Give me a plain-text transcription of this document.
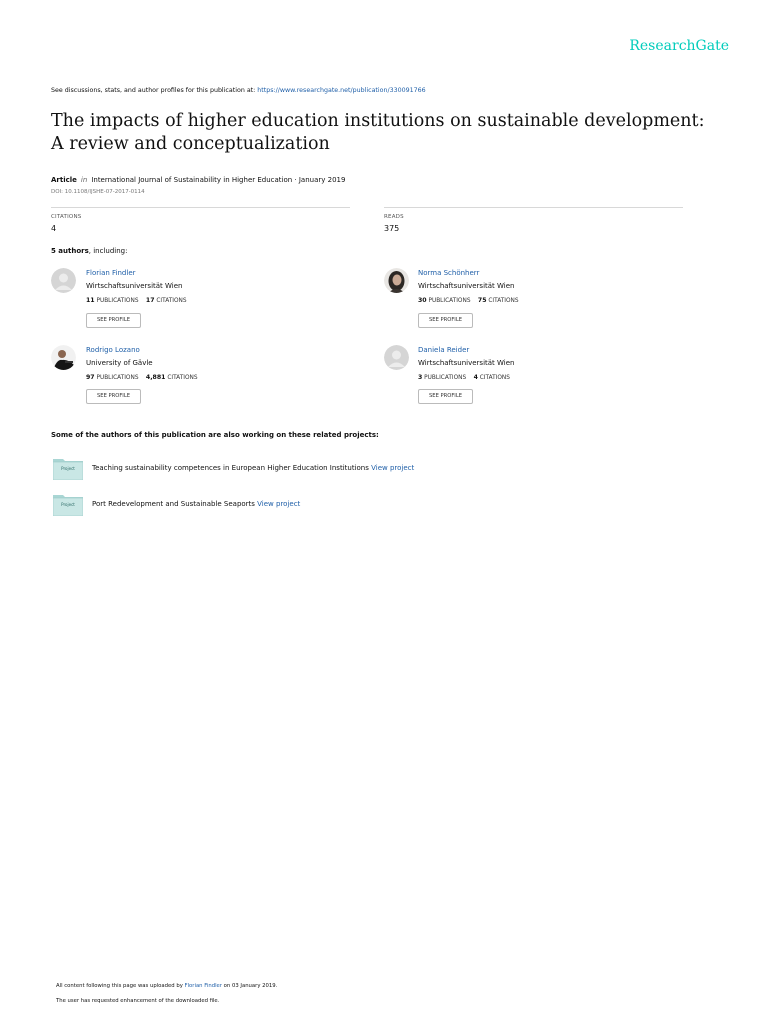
ResearchGate
See discussions, stats, and author profiles for this publication at: https://www.researchgate.net/publication/330091766
The impacts of higher education institutions on sustainable development: A review and conceptualization
Article in International Journal of Sustainability in Higher Education · January 2019
DOI: 10.1108/IJSHE-07-2017-0114
CITATIONS
4
READS
375
5 authors, including:
Florian Findler
Wirtschaftsuniversität Wien
11 PUBLICATIONS 17 CITATIONS
SEE PROFILE
Norma Schönherr
Wirtschaftsuniversität Wien
30 PUBLICATIONS 75 CITATIONS
SEE PROFILE
Rodrigo Lozano
University of Gävle
97 PUBLICATIONS 4,881 CITATIONS
SEE PROFILE
Daniela Reider
Wirtschaftsuniversität Wien
3 PUBLICATIONS 4 CITATIONS
SEE PROFILE
Some of the authors of this publication are also working on these related projects:
Project	Teaching sustainability competences in European Higher Education Institutions View project
Project	Port Redevelopment and Sustainable Seaports View project
All content following this page was uploaded by Florian Findler on 03 January 2019.
The user has requested enhancement of the downloaded file.
